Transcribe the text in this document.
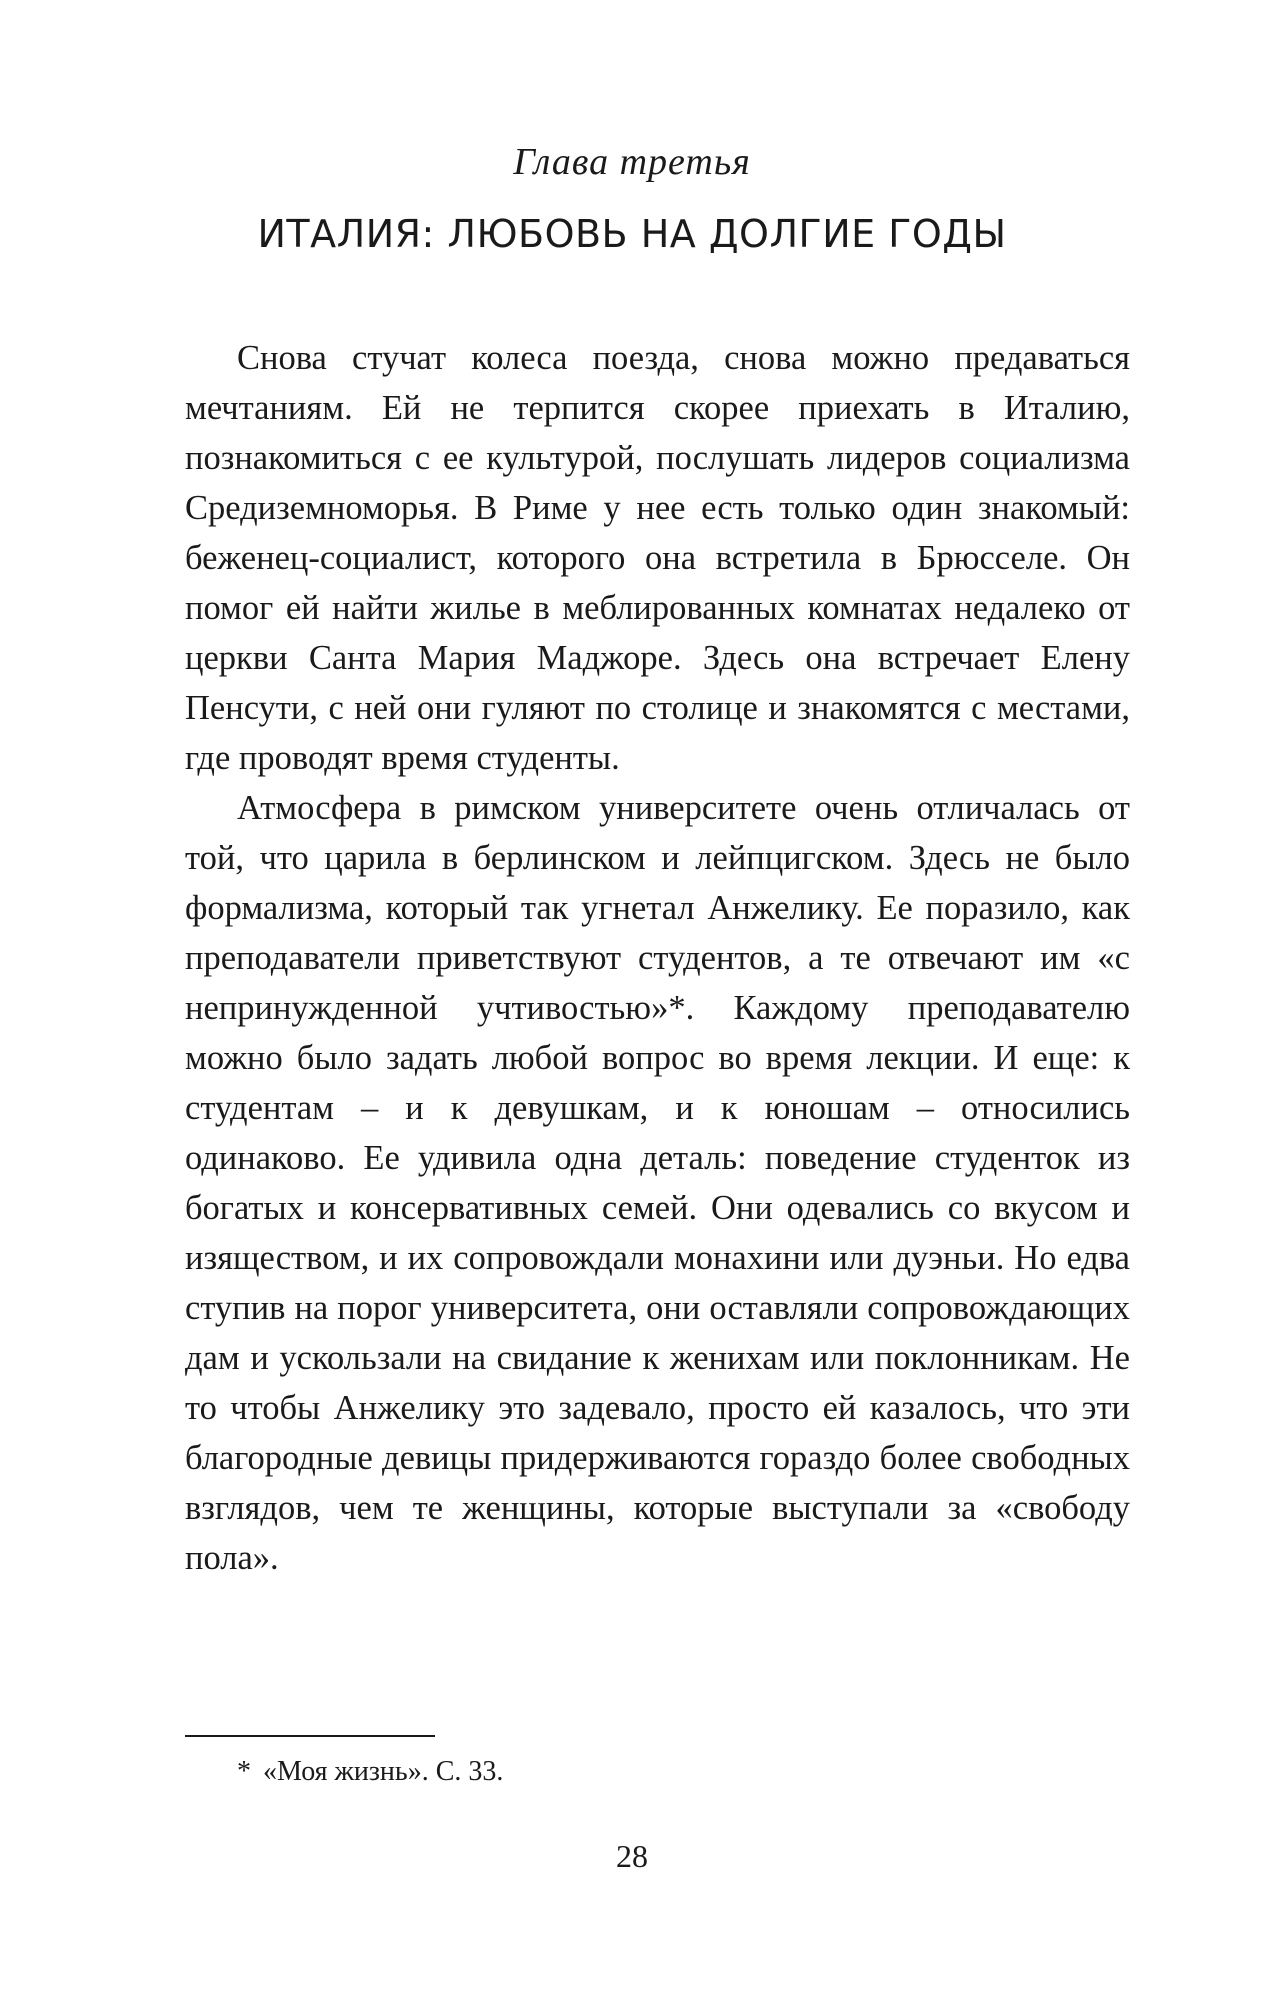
Глава третья
ИТАЛИЯ: ЛЮБОВЬ НА ДОЛГИЕ ГОДЫ

Снова стучат колеса поезда, снова можно предаваться мечтаниям. Ей не терпится скорее приехать в Италию, познакомиться с ее культурой, послушать лидеров социализма Средиземноморья. В Риме у нее есть только один знакомый: беженец-социалист, которого она встретила в Брюсселе. Он помог ей найти жилье в меблированных комнатах недалеко от церкви Санта Мария Маджоре. Здесь она встречает Елену Пенсути, с ней они гуляют по столице и знакомятся с местами, где проводят время студенты.

Атмосфера в римском университете очень отличалась от той, что царила в берлинском и лейпцигском. Здесь не было формализма, который так угнетал Анжелику. Ее поразило, как преподаватели приветствуют студентов, а те отвечают им «с непринужденной учтивостью»*. Каждому преподавателю можно было задать любой вопрос во время лекции. И еще: к студентам – и к девушкам, и к юношам – относились одинаково. Ее удивила одна деталь: поведение студенток из богатых и консервативных семей. Они одевались со вкусом и изяществом, и их сопровождали монахини или дуэньи. Но едва ступив на порог университета, они оставляли сопровождающих дам и ускользали на свидание к женихам или поклонникам. Не то чтобы Анжелику это задевало, просто ей казалось, что эти благородные девицы придерживаются гораздо более свободных взглядов, чем те женщины, которые выступали за «свободу пола».

* «Моя жизнь». С. 33.
28
